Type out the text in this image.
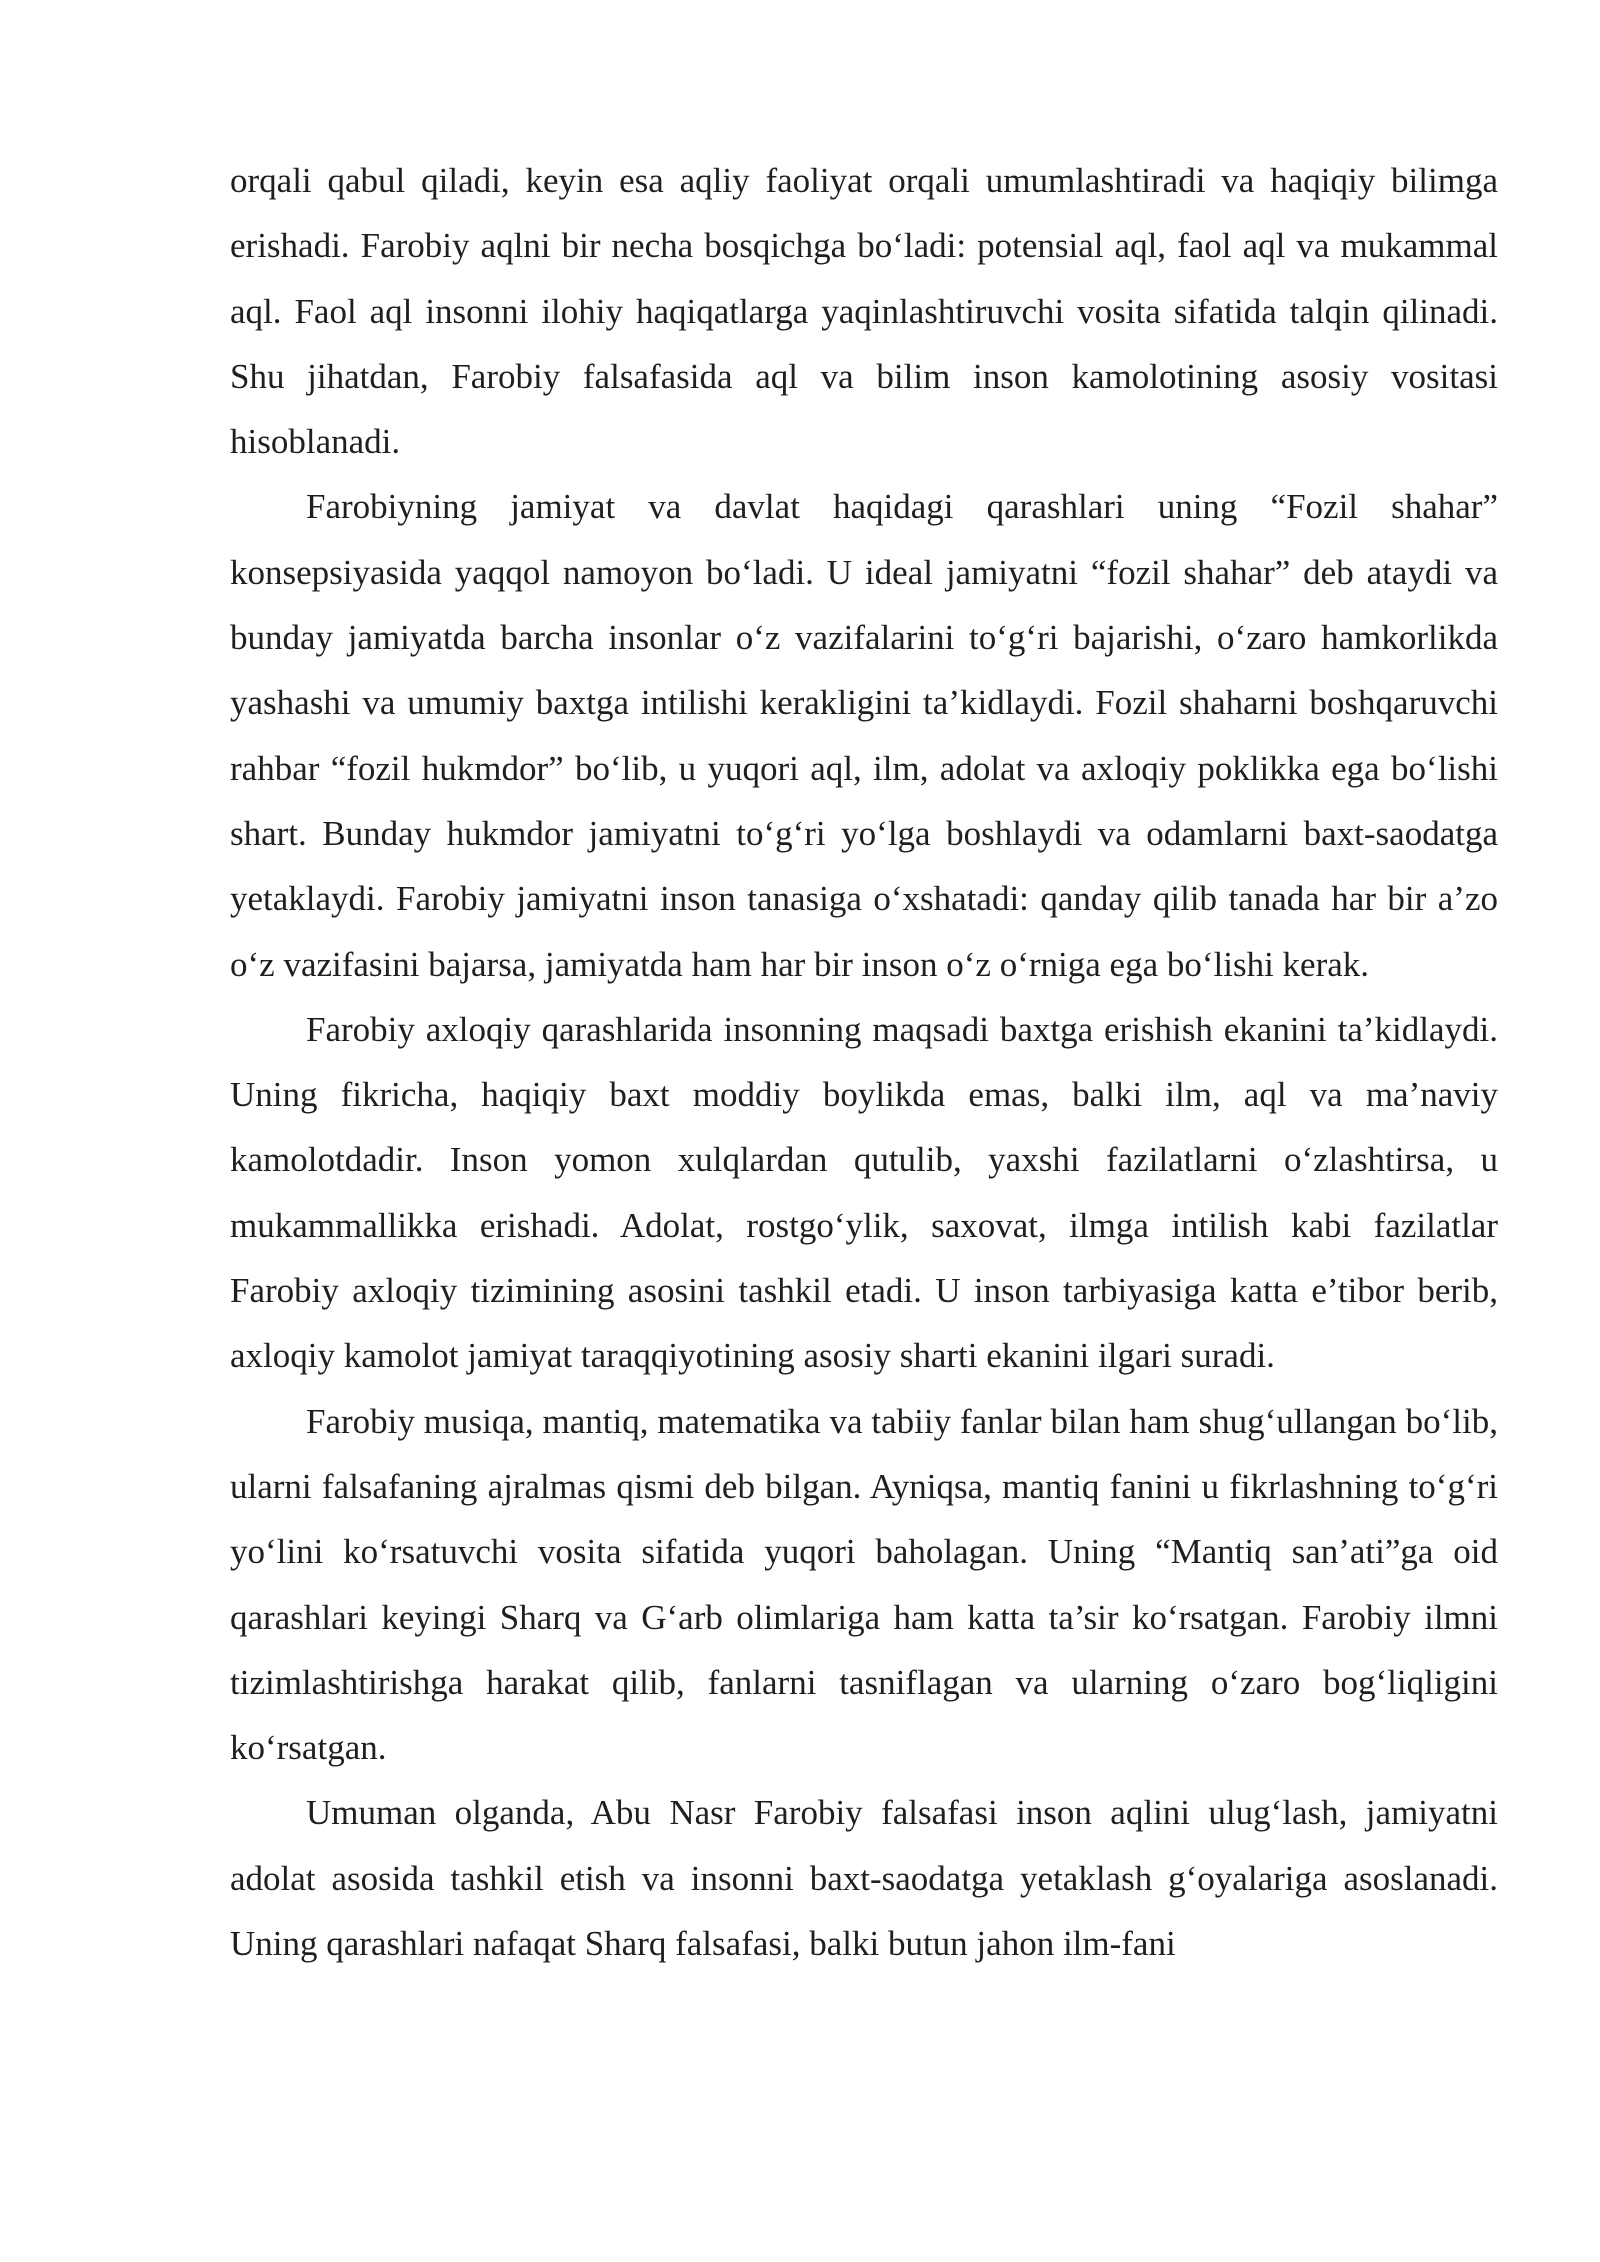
orqali qabul qiladi, keyin esa aqliy faoliyat orqali umumlashtiradi va haqiqiy bilimga erishadi. Farobiy aqlni bir necha bosqichga bo‘ladi: potensial aql, faol aql va mukammal aql. Faol aql insonni ilohiy haqiqatlarga yaqinlashtiruvchi vosita sifatida talqin qilinadi. Shu jihatdan, Farobiy falsafasida aql va bilim inson kamolotining asosiy vositasi hisoblanadi.

Farobiyning jamiyat va davlat haqidagi qarashlari uning “Fozil shahar” konsepsiyasida yaqqol namoyon bo‘ladi. U ideal jamiyatni “fozil shahar” deb ataydi va bunday jamiyatda barcha insonlar o‘z vazifalarini to‘g‘ri bajarishi, o‘zaro hamkorlikda yashashi va umumiy baxtga intilishi kerakligini ta’kidlaydi. Fozil shaharni boshqaruvchi rahbar “fozil hukmdor” bo‘lib, u yuqori aql, ilm, adolat va axloqiy poklikka ega bo‘lishi shart. Bunday hukmdor jamiyatni to‘g‘ri yo‘lga boshlaydi va odamlarni baxt-saodatga yetaklaydi. Farobiy jamiyatni inson tanasiga o‘xshatadi: qanday qilib tanada har bir a’zo o‘z vazifasini bajarsa, jamiyatda ham har bir inson o‘z o‘rniga ega bo‘lishi kerak.

Farobiy axloqiy qarashlarida insonning maqsadi baxtga erishish ekanini ta’kidlaydi. Uning fikricha, haqiqiy baxt moddiy boylikda emas, balki ilm, aql va ma’naviy kamolotdadir. Inson yomon xulqlardan qutulib, yaxshi fazilatlarni o‘zlashtirsa, u mukammallikka erishadi. Adolat, rostgo‘ylik, saxovat, ilmga intilish kabi fazilatlar Farobiy axloqiy tizimining asosini tashkil etadi. U inson tarbiyasiga katta e’tibor berib, axloqiy kamolot jamiyat taraqqiyotining asosiy sharti ekanini ilgari suradi.

Farobiy musiqa, mantiq, matematika va tabiiy fanlar bilan ham shug‘ullangan bo‘lib, ularni falsafaning ajralmas qismi deb bilgan. Ayniqsa, mantiq fanini u fikrlashning to‘g‘ri yo‘lini ko‘rsatuvchi vosita sifatida yuqori baholagan. Uning “Mantiq san’ati”ga oid qarashlari keyingi Sharq va G‘arb olimlariga ham katta ta’sir ko‘rsatgan. Farobiy ilmni tizimlashtirishga harakat qilib, fanlarni tasniflagan va ularning o‘zaro bog‘liqligini ko‘rsatgan.

Umuman olganda, Abu Nasr Farobiy falsafasi inson aqlini ulug‘lash, jamiyatni adolat asosida tashkil etish va insonni baxt-saodatga yetaklash g‘oyalariga asoslanadi. Uning qarashlari nafaqat Sharq falsafasi, balki butun jahon ilm-fani
